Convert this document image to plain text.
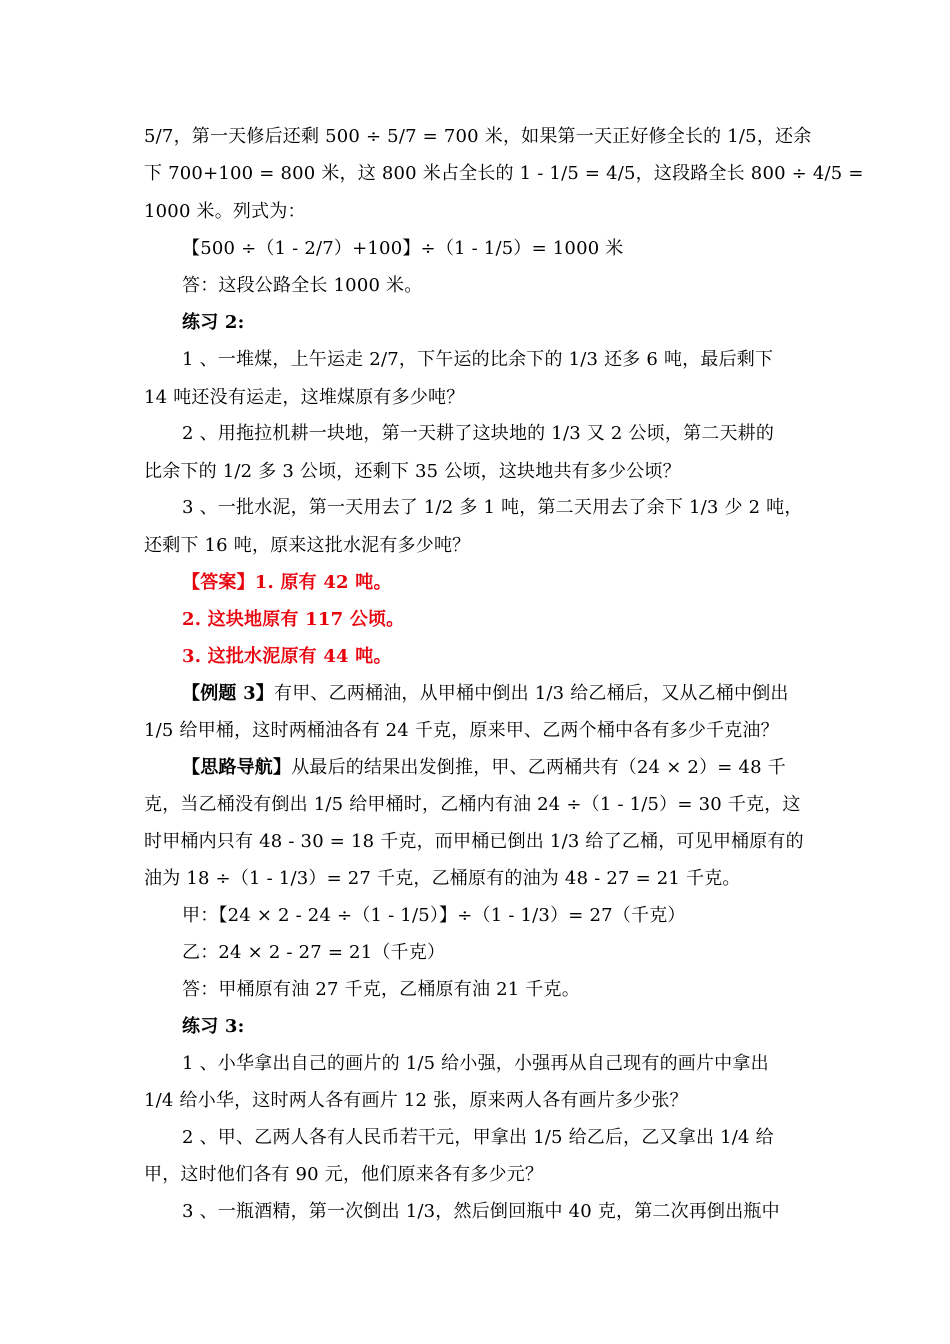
5/7，第一天修后还剩 500 ÷ 5/7 = 700 米，如果第一天正好修全长的 1/5，还余
下 700+100 = 800 米，这 800 米占全长的 1 - 1/5 = 4/5，这段路全长 800 ÷ 4/5 =
1000 米。列式为：
【500 ÷（1 - 2/7）+100】÷（1 - 1/5）= 1000 米
答：这段公路全长 1000 米。
练习 2:
1 、一堆煤，上午运走 2/7，下午运的比余下的 1/3 还多 6 吨，最后剩下
14 吨还没有运走，这堆煤原有多少吨？
2 、用拖拉机耕一块地，第一天耕了这块地的 1/3 又 2 公顷，第二天耕的
比余下的 1/2 多 3 公顷，还剩下 35 公顷，这块地共有多少公顷？
3 、一批水泥，第一天用去了 1/2 多 1 吨，第二天用去了余下 1/3 少 2 吨，
还剩下 16 吨，原来这批水泥有多少吨？
【答案】1. 原有 42 吨。
2. 这块地原有 117 公顷。
3. 这批水泥原有 44 吨。
【例题 3】有甲、乙两桶油，从甲桶中倒出 1/3 给乙桶后，又从乙桶中倒出
1/5 给甲桶，这时两桶油各有 24 千克，原来甲、乙两个桶中各有多少千克油？
【思路导航】从最后的结果出发倒推，甲、乙两桶共有（24 × 2）= 48 千
克，当乙桶没有倒出 1/5 给甲桶时，乙桶内有油 24 ÷（1 - 1/5）= 30 千克，这
时甲桶内只有 48 - 30 = 18 千克，而甲桶已倒出 1/3 给了乙桶，可见甲桶原有的
油为 18 ÷（1 - 1/3）= 27 千克，乙桶原有的油为 48 - 27 = 21 千克。
甲：【24 × 2 - 24 ÷（1 - 1/5）】÷（1 - 1/3）= 27（千克）
乙：24 × 2 - 27 = 21（千克）
答：甲桶原有油 27 千克，乙桶原有油 21 千克。
练习 3:
1 、小华拿出自己的画片的 1/5 给小强，小强再从自己现有的画片中拿出
1/4 给小华，这时两人各有画片 12 张，原来两人各有画片多少张？
2 、甲、乙两人各有人民币若干元，甲拿出 1/5 给乙后，乙又拿出 1/4 给
甲，这时他们各有 90 元，他们原来各有多少元？
3 、一瓶酒精，第一次倒出 1/3，然后倒回瓶中 40 克，第二次再倒出瓶中
